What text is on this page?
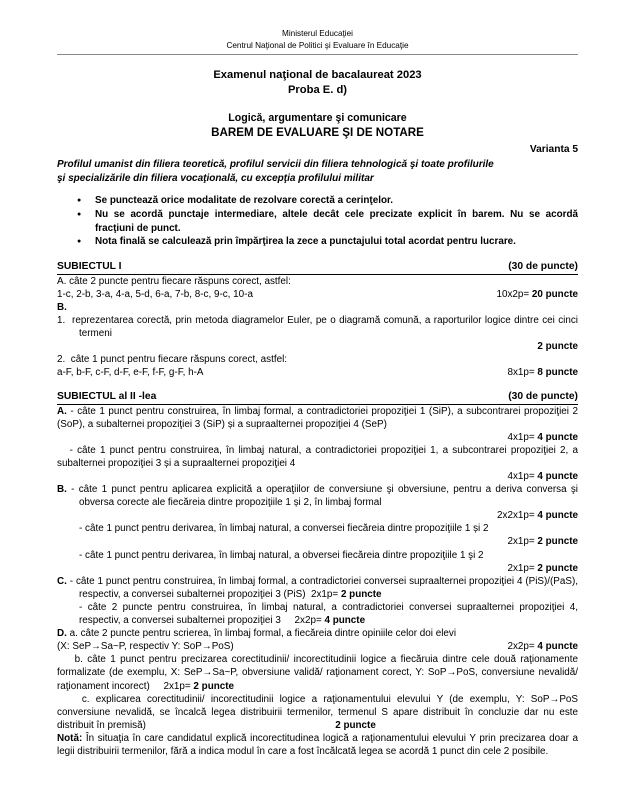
Ministerul Educaţiei
Centrul Naţional de Politici şi Evaluare în Educaţie
Examenul naţional de bacalaureat 2023
Proba E. d)
Logică, argumentare şi comunicare
BAREM DE EVALUARE ŞI DE NOTARE
Varianta 5
Profilul umanist din filiera teoretică, profilul servicii din filiera tehnologică şi toate profilurile
şi specializările din filiera vocaţională, cu excepţia profilului militar
● Se punctează orice modalitate de rezolvare corectă a cerinţelor.
● Nu se acordă punctaje intermediare, altele decât cele precizate explicit în barem. Nu se acordă fracţiuni de punct.
● Nota finală se calculează prin împărţirea la zece a punctajului total acordat pentru lucrare.
SUBIECTUL I	(30 de puncte)
A. câte 2 puncte pentru fiecare răspuns corect, astfel:
1-c, 2-b, 3-a, 4-a, 5-d, 6-a, 7-b, 8-c, 9-c, 10-a	10x2p= 20 puncte
B.
1. reprezentarea corectă, prin metoda diagramelor Euler, pe o diagramă comună, a raporturilor logice dintre cei cinci termeni
2 puncte
2. câte 1 punct pentru fiecare răspuns corect, astfel:
a-F, b-F, c-F, d-F, e-F, f-F, g-F, h-A	8x1p= 8 puncte
SUBIECTUL al II -lea	(30 de puncte)
A. - câte 1 punct pentru construirea, în limbaj formal, a contradictoriei propoziţiei 1 (SiP), a subcontrarei propoziţiei 2 (SoP), a subalternei propoziţiei 3 (SiP) și a supraalternei propoziţiei 4 (SeP)
4x1p= 4 puncte
- câte 1 punct pentru construirea, în limbaj natural, a contradictoriei propoziţiei 1, a subcontrarei propoziţiei 2, a subalternei propoziţiei 3 și a supraalternei propoziţiei 4
4x1p= 4 puncte
B. - câte 1 punct pentru aplicarea explicită a operaţiilor de conversiune şi obversiune, pentru a deriva conversa şi obversa corecte ale fiecăreia dintre propoziţiile 1 și 2, în limbaj formal
2x2x1p= 4 puncte
- câte 1 punct pentru derivarea, în limbaj natural, a conversei fiecăreia dintre propoziţiile 1 și 2
2x1p= 2 puncte
- câte 1 punct pentru derivarea, în limbaj natural, a obversei fiecăreia dintre propoziţiile 1 şi 2
2x1p= 2 puncte
C. - câte 1 punct pentru construirea, în limbaj formal, a contradictoriei conversei supraalternei propoziţiei 4 (PiS)/(PaS), respectiv, a conversei subalternei propoziţiei 3 (PiS) 2x1p= 2 puncte
- câte 2 puncte pentru construirea, în limbaj natural, a contradictoriei conversei supraalternei propoziţiei 4, respectiv, a conversei subalternei propoziţiei 3 2x2p= 4 puncte
D. a. câte 2 puncte pentru scrierea, în limbaj formal, a fiecăreia dintre opiniile celor doi elevi
(X: SeP→Sa~P, respectiv Y: SoP→PoS)	2x2p= 4 puncte
b. câte 1 punct pentru precizarea corectitudinii/ incorectitudinii logice a fiecăruia dintre cele două raţionamente formalizate (de exemplu, X: SeP→Sa~P, obversiune validă/ raţionament corect, Y: SoP→PoS, conversiune nevalidă/ raţionament incorect) 2x1p= 2 puncte
c. explicarea corectitudinii/ incorectitudinii logice a raţionamentului elevului Y (de exemplu, Y: SoP→PoS conversiune nevalidă, se încalcă legea distribuirii termenilor, termenul S apare distribuit în concluzie dar nu este distribuit în premisă)	2 puncte
Notă: În situaţia în care candidatul explică incorectitudinea logică a raţionamentului elevului Y prin precizarea doar a legii distribuirii termenilor, fără a indica modul în care a fost încălcată legea se acordă 1 punct din cele 2 posibile.
